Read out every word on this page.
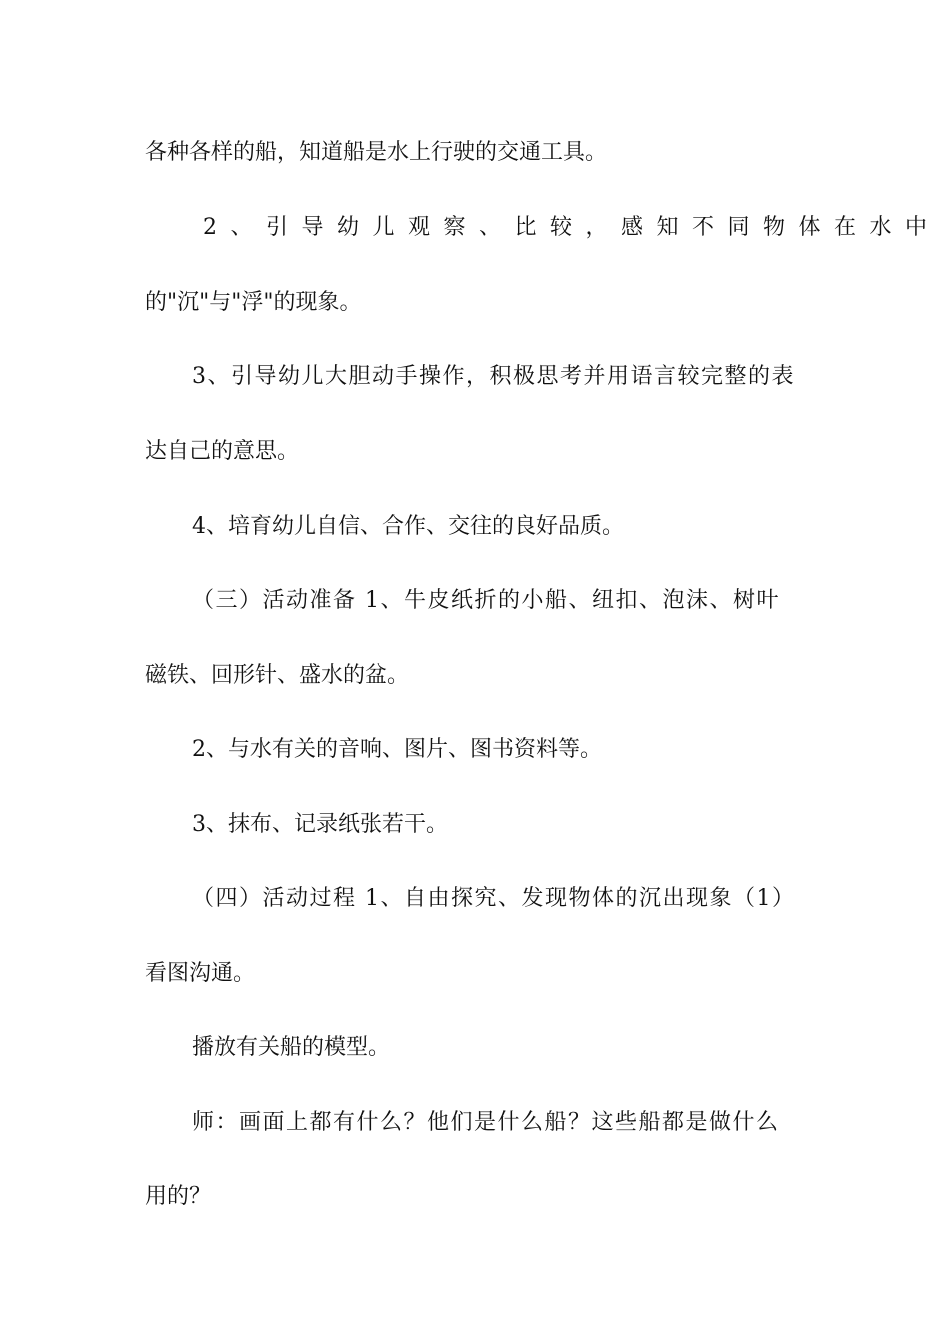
各种各样的船，知道船是水上行驶的交通工具。
2、引导幼儿观察、比较，感知不同物体在水中
的"沉"与"浮"的现象。
3、引导幼儿大胆动手操作，积极思考并用语言较完整的表
达自己的意思。
4、培育幼儿自信、合作、交往的良好品质。
（三）活动准备 1、牛皮纸折的小船、纽扣、泡沫、树叶
磁铁、回形针、盛水的盆。
2、与水有关的音响、图片、图书资料等。
3、抹布、记录纸张若干。
（四）活动过程 1、自由探究、发现物体的沉出现象（1）
看图沟通。
播放有关船的模型。
师：画面上都有什么？他们是什么船？这些船都是做什么
用的？
